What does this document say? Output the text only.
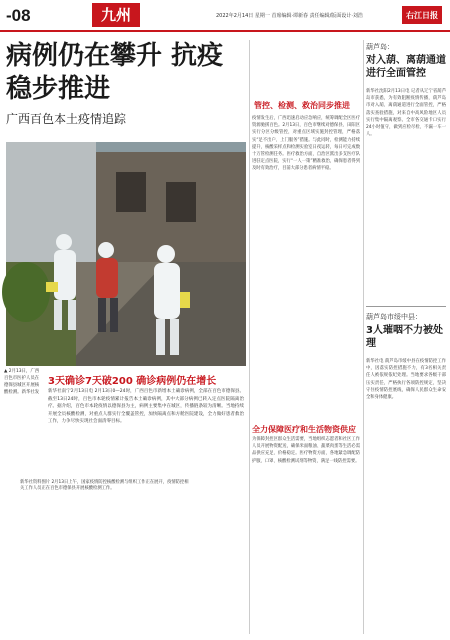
-08	九州	2022年2月14日 星期一 首席编辑·谭新春 责任编辑/版面设计·刘浩	右江日报
病例仍在攀升 抗疫稳步推进
广西百色本土疫情追踪
新华社资料图片 2月13日上午，国家疫情防控核酸检测与组织工作正在展开，疫情防控相关工作人员正在百色市德保县开展核酸检测工作。
▲ 2月13日，广西百色市医护人员在德保县城区开展核酸检测。新华社发
3天确诊7天破200 确诊病例仍在增长
新华社南宁2月13日电 2月13日0—24时，广西百色市新增本土确诊病例，全部在百色市德保县。截至13日24时，百色市本轮疫情累计报告本土确诊病例，其中大部分病例已转入定点医院隔离治疗。据介绍，百色市本轮疫情以德保县为主，病例主要集中在城区，传播链条较为清晰。当地持续开展全员核酸检测，对重点人群实行全覆盖管控，加快隔离点和方舱医院建设，全力做好患者救治工作，力争尽快实现社会面清零目标。
管控、检测、救治同步推进
疫情发生后，广西迅速启动应急响应，统筹调配全区医疗资源驰援百色。2月13日，百色市继续对德保县、田阳区实行分区分级管控，对重点区域实施封控管理，严格落实“足不出户、上门服务”措施。与此同时，检测能力持续提升，核酸采样点和检测实验室日夜运转，每日可完成数十万管检测任务。医疗救治方面，自治区派出多支医疗队进驻定点医院，实行“一人一策”精准救治，确保患者得到及时有效治疗，目前大部分患者病情平稳。
全力保障医疗和生活物资供应
为保障封控区群众生活需要，当地组织志愿者和社区工作人员开展物资配送，确保米面粮油、蔬菜肉蛋等生活必需品供应充足、价格稳定。医疗物资方面，各地紧急调配防护服、口罩、核酸检测试剂等物资，满足一线防控需要。
葫芦岛：
对入葫、离葫通道进行全面管控
新华社沈阳2月13日电 记者从辽宁省葫芦岛市获悉，为有效阻断疫情传播，葫芦岛市对入葫、离葫通道进行全面管控，严格落实查验措施，对来自中高风险地区人员实行集中隔离观察。全市各交通卡口实行24小时值守，做到应检尽检、不漏一车一人。
葫芦岛市绥中县：
3人璀咽不力被处理
新华社电 葫芦岛市绥中县在疫情防控工作中，因落实防控措施不力，有3名相关责任人被依规依纪处理。当地要求各级干部压实责任，严格执行各项防控规定，坚决守住疫情防控底线，确保人民群众生命安全和身体健康。
